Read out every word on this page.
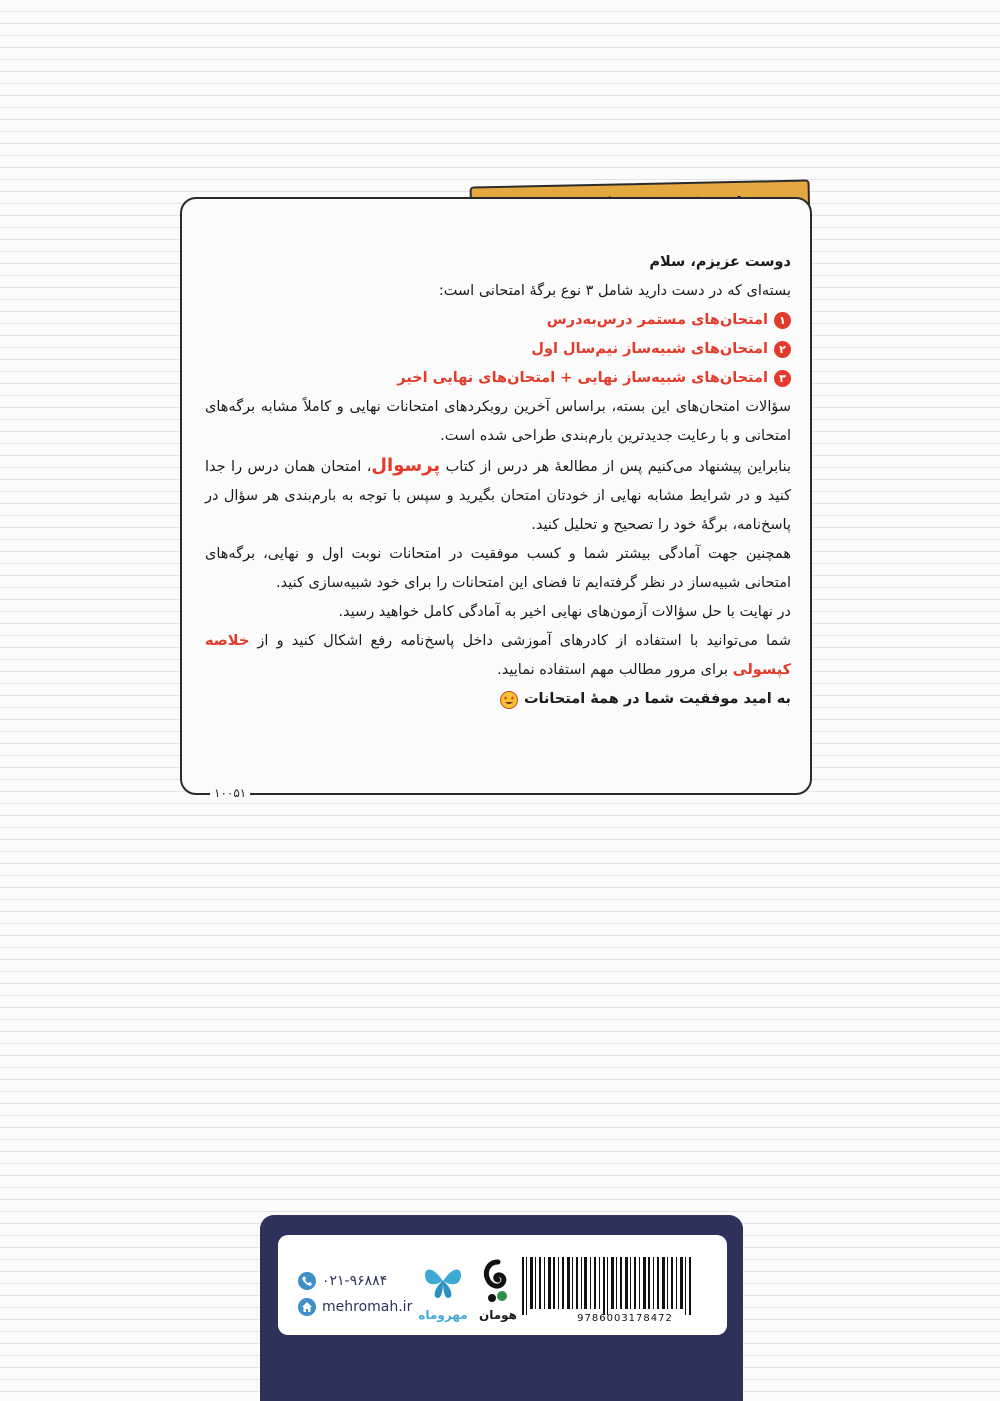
دوست عزیزم، سلام

بسته‌ای که در دست دارید شامل ۳ نوع برگهٔ امتحانی است:

۱
امتحان‌های مستمر درس‌به‌درس
۲
امتحان‌های شبیه‌ساز نیم‌سال اول
۳
امتحان‌های شبیه‌ساز نهایی + امتحان‌های نهایی اخیر

سؤالات امتحان‌های این بسته، براساس آخرین رویکردهای امتحانات نهایی و کاملاً مشابه برگه‌های امتحانی و با رعایت جدیدترین بارم‌بندی طراحی شده است.

بنابراین پیشنهاد می‌کنیم پس از مطالعهٔ هر درس از کتاب پرسوال، امتحان همان درس را جدا کنید و در شرایط مشابه نهایی از خودتان امتحان بگیرید و سپس با توجه به بارم‌بندی هر سؤال در پاسخ‌نامه، برگهٔ خود را تصحیح و تحلیل کنید.

همچنین جهت آمادگی بیشتر شما و کسب موفقیت در امتحانات نوبت اول و نهایی، برگه‌های امتحانی شبیه‌ساز در نظر گرفته‌ایم تا فضای این امتحانات را برای خود شبیه‌سازی کنید.

در نهایت با حل سؤالات آزمون‌های نهایی اخیر به آمادگی کامل خواهید رسید.

شما می‌توانید با استفاده از کادرهای آموزشی داخل پاسخ‌نامه رفع اشکال کنید و از خلاصه کپسولی برای مرور مطالب مهم استفاده نمایید.

به امید موفقیت شما در همهٔ امتحانات
۱۰۰۵۱
9786003178472
هومان
مهروماه
۰۲۱-۹۶۸۸۴
mehromah.ir
